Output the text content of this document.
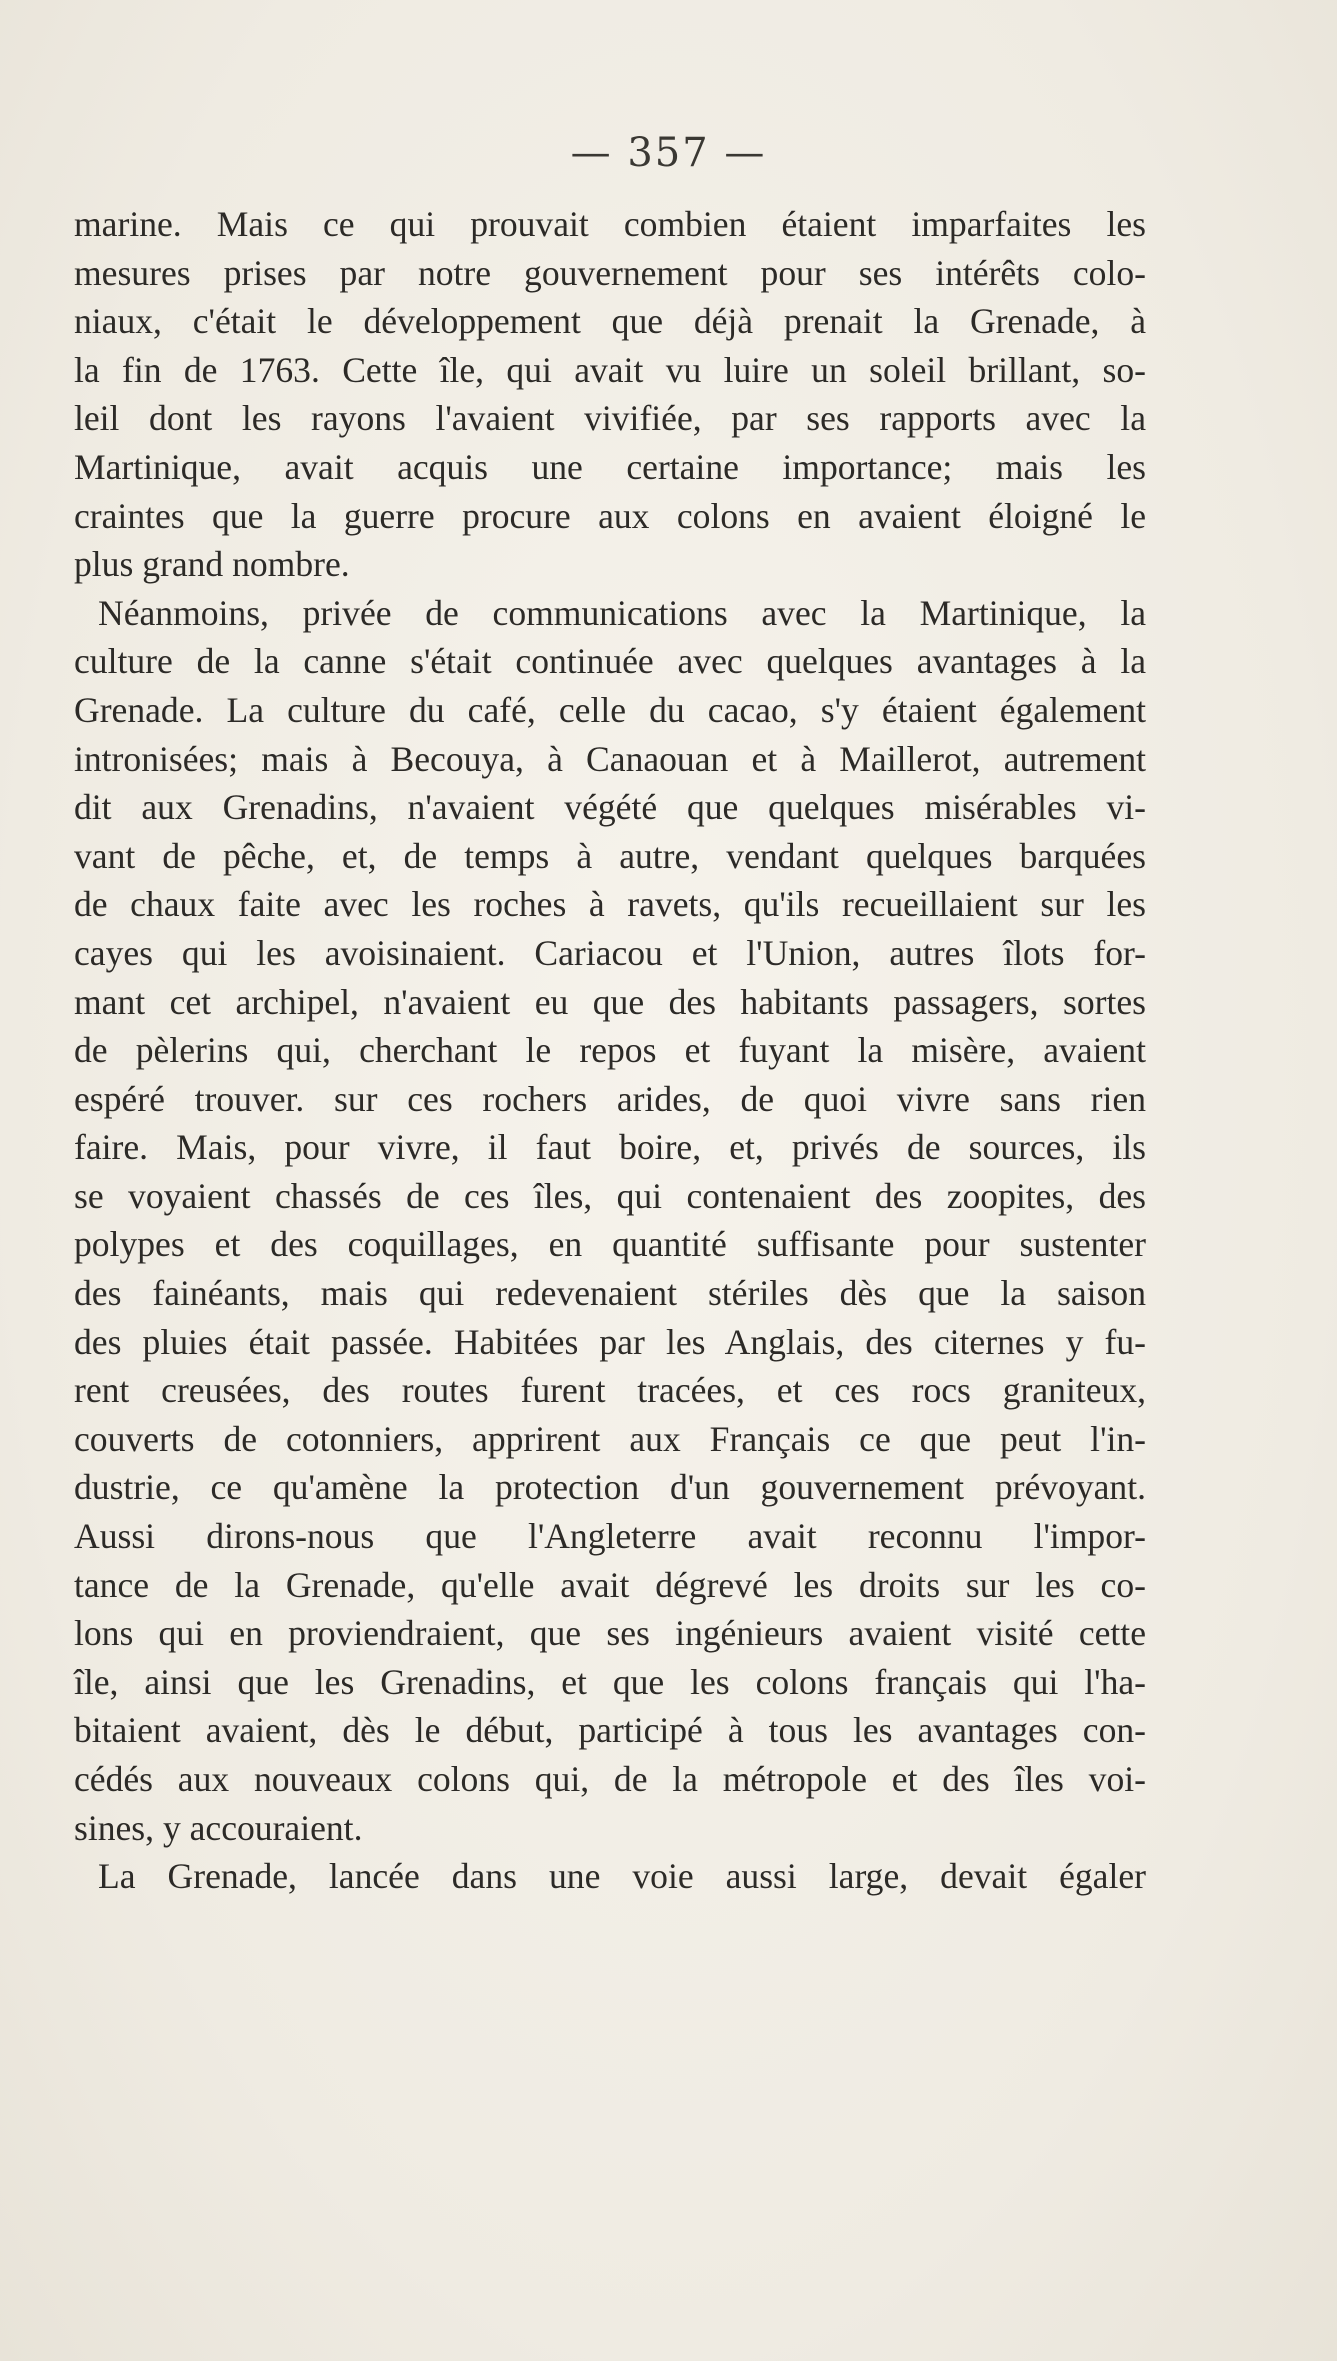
— 357 —
marine. Mais ce qui prouvait combien étaient imparfaites les
mesures prises par notre gouvernement pour ses intérêts colo-
niaux, c'était le développement que déjà prenait la Grenade, à
la fin de 1763. Cette île, qui avait vu luire un soleil brillant, so-
leil dont les rayons l'avaient vivifiée, par ses rapports avec la
Martinique, avait acquis une certaine importance; mais les
craintes que la guerre procure aux colons en avaient éloigné le
plus grand nombre.
Néanmoins, privée de communications avec la Martinique, la
culture de la canne s'était continuée avec quelques avantages à la
Grenade. La culture du café, celle du cacao, s'y étaient également
intronisées; mais à Becouya, à Canaouan et à Maillerot, autrement
dit aux Grenadins, n'avaient végété que quelques misérables vi-
vant de pêche, et, de temps à autre, vendant quelques barquées
de chaux faite avec les roches à ravets, qu'ils recueillaient sur les
cayes qui les avoisinaient. Cariacou et l'Union, autres îlots for-
mant cet archipel, n'avaient eu que des habitants passagers, sortes
de pèlerins qui, cherchant le repos et fuyant la misère, avaient
espéré trouver. sur ces rochers arides, de quoi vivre sans rien
faire. Mais, pour vivre, il faut boire, et, privés de sources, ils
se voyaient chassés de ces îles, qui contenaient des zoopites, des
polypes et des coquillages, en quantité suffisante pour sustenter
des fainéants, mais qui redevenaient stériles dès que la saison
des pluies était passée. Habitées par les Anglais, des citernes y fu-
rent creusées, des routes furent tracées, et ces rocs graniteux,
couverts de cotonniers, apprirent aux Français ce que peut l'in-
dustrie, ce qu'amène la protection d'un gouvernement prévoyant.
Aussi dirons-nous que l'Angleterre avait reconnu l'impor-
tance de la Grenade, qu'elle avait dégrevé les droits sur les co-
lons qui en proviendraient, que ses ingénieurs avaient visité cette
île, ainsi que les Grenadins, et que les colons français qui l'ha-
bitaient avaient, dès le début, participé à tous les avantages con-
cédés aux nouveaux colons qui, de la métropole et des îles voi-
sines, y accouraient.
La Grenade, lancée dans une voie aussi large, devait égaler
